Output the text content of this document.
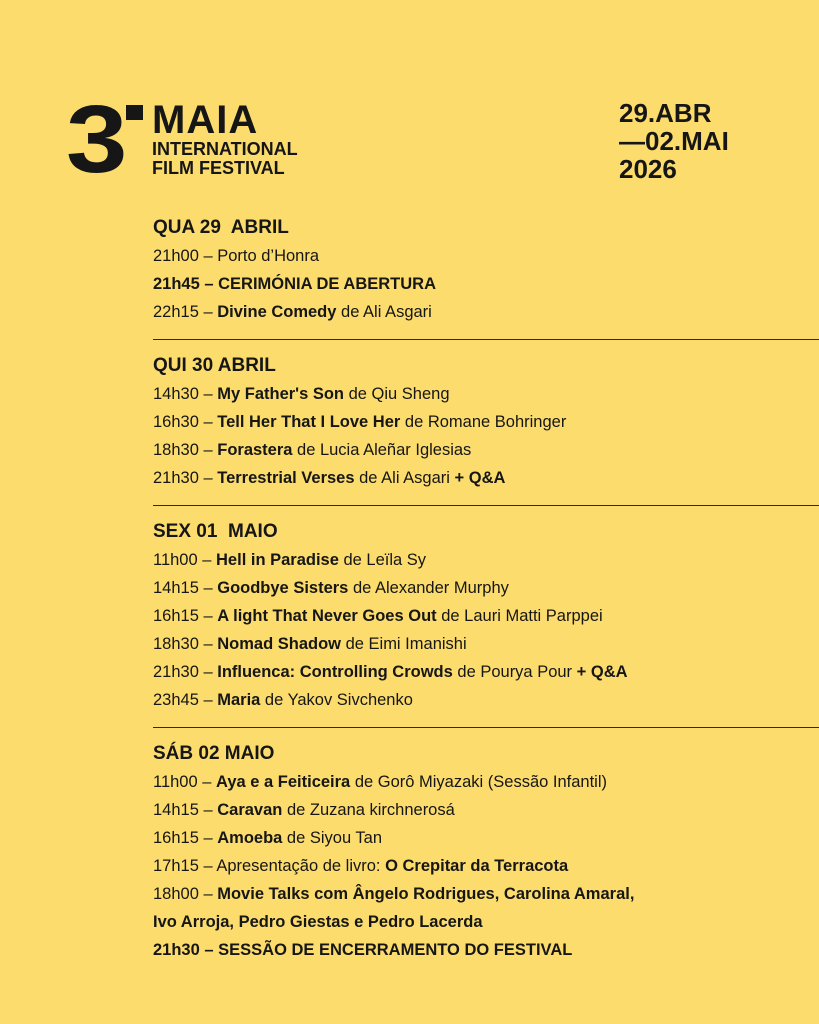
3 MAIA
INTERNATIONAL
FILM FESTIVAL
29.ABR
—02.MAI
2026
QUA 29  ABRIL
21h00 – Porto d’Honra
21h45 – CERIMÓNIA DE ABERTURA
22h15 – Divine Comedy de Ali Asgari
QUI 30 ABRIL
14h30 – My Father's Son de Qiu Sheng
16h30 – Tell Her That I Love Her de Romane Bohringer
18h30 – Forastera de Lucia Aleñar Iglesias
21h30 – Terrestrial Verses de Ali Asgari + Q&A
SEX 01  MAIO
11h00 – Hell in Paradise de Leïla Sy
14h15 – Goodbye Sisters de Alexander Murphy
16h15 – A light That Never Goes Out de Lauri Matti Parppei
18h30 – Nomad Shadow de Eimi Imanishi
21h30 – Influenca: Controlling Crowds de Pourya Pour + Q&A
23h45 – Maria de Yakov Sivchenko
SÁB 02 MAIO
11h00 – Aya e a Feiticeira de Gorô Miyazaki (Sessão Infantil)
14h15 – Caravan de Zuzana kirchnerosá
16h15 – Amoeba de Siyou Tan
17h15 – Apresentação de livro: O Crepitar da Terracota
18h00 – Movie Talks com Ângelo Rodrigues, Carolina Amaral,
Ivo Arroja, Pedro Giestas e Pedro Lacerda
21h30 – SESSÃO DE ENCERRAMENTO DO FESTIVAL
